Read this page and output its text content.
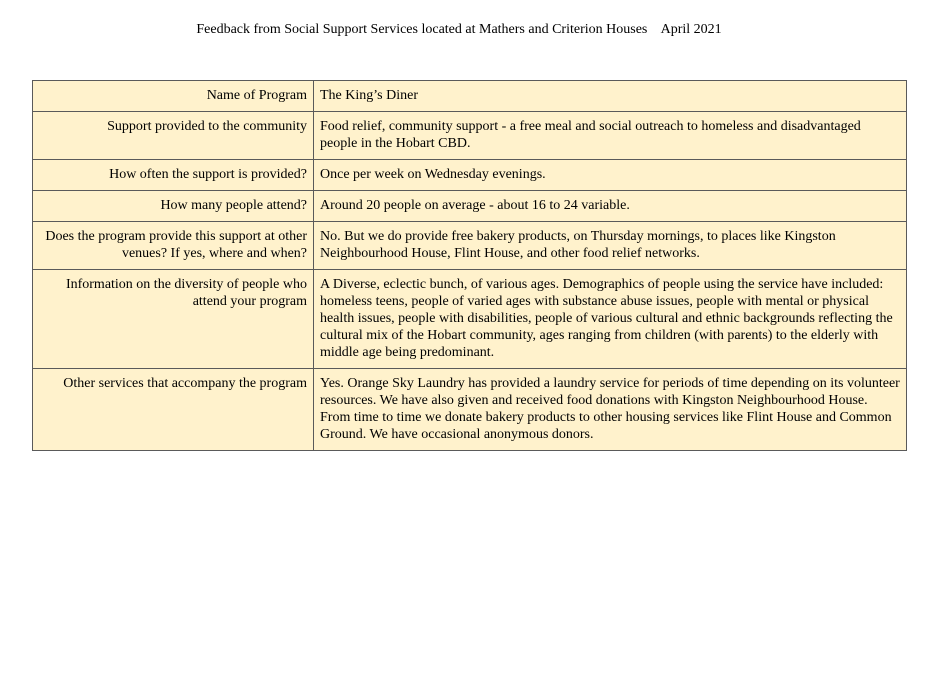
Feedback from Social Support Services located at Mathers and Criterion Houses    April 2021
Name of Program	The King’s Diner
Support provided to the community	Food relief, community support - a free meal and social outreach to homeless and disadvantaged people in the Hobart CBD.
How often the support is provided?	Once per week on Wednesday evenings.
How many people attend?	Around 20 people on average - about 16 to 24 variable.
Does the program provide this support at other venues? If yes, where and when?	No. But we do provide free bakery products, on Thursday mornings, to places like Kingston Neighbourhood House, Flint House, and other food relief networks.
Information on the diversity of people who attend your program	A Diverse, eclectic bunch, of various ages. Demographics of people using the service have included: homeless teens, people of varied ages with substance abuse issues, people with mental or physical health issues, people with disabilities, people of various cultural and ethnic backgrounds reflecting the cultural mix of the Hobart community, ages ranging from children (with parents) to the elderly with middle age being predominant.
Other services that accompany the program	Yes. Orange Sky Laundry has provided a laundry service for periods of time depending on its volunteer resources. We have also given and received food donations with Kingston Neighbourhood House. From time to time we donate bakery products to other housing services like Flint House and Common Ground. We have occasional anonymous donors.
